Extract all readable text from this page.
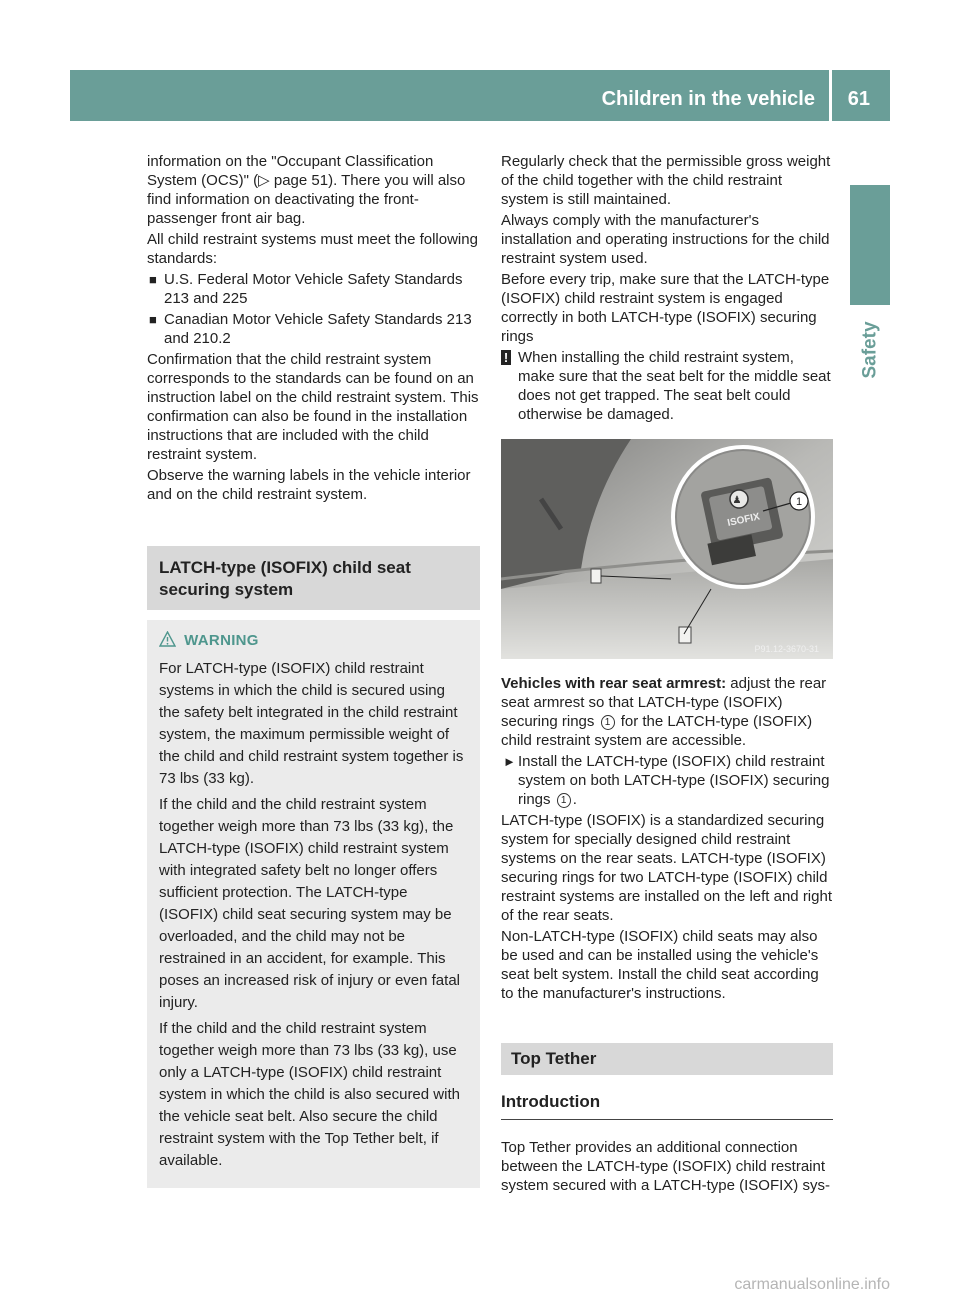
Children in the vehicle 61
Safety

information on the "Occupant Classification System (OCS)" (▷ page 51). There you will also find information on deactivating the front-passenger front air bag.

All child restraint systems must meet the following standards:

■ U.S. Federal Motor Vehicle Safety Standards 213 and 225
■ Canadian Motor Vehicle Safety Standards 213 and 210.2

Confirmation that the child restraint system corresponds to the standards can be found on an instruction label on the child restraint system. This confirmation can also be found in the installation instructions that are included with the child restraint system.

Observe the warning labels in the vehicle interior and on the child restraint system.

LATCH-type (ISOFIX) child seat securing system
WARNING

For LATCH-type (ISOFIX) child restraint systems in which the child is secured using the safety belt integrated in the child restraint system, the maximum permissible weight of the child and child restraint system together is 73 lbs (33 kg).

If the child and the child restraint system together weigh more than 73 lbs (33 kg), the LATCH-type (ISOFIX) child restraint system with integrated safety belt no longer offers sufficient protection. The LATCH-type (ISOFIX) child seat securing system may be overloaded, and the child may not be restrained in an accident, for example. This poses an increased risk of injury or even fatal injury.

If the child and the child restraint system together weigh more than 73 lbs (33 kg), use only a LATCH-type (ISOFIX) child restraint system in which the child is also secured with the vehicle seat belt. Also secure the child restraint system with the Top Tether belt, if available.

Regularly check that the permissible gross weight of the child together with the child restraint system is still maintained.

Always comply with the manufacturer's installation and operating instructions for the child restraint system used.

Before every trip, make sure that the LATCH-type (ISOFIX) child restraint system is engaged correctly in both LATCH-type (ISOFIX) securing rings

! When installing the child restraint system, make sure that the seat belt for the middle seat does not get trapped. The seat belt could otherwise be damaged.
♟
ISOFIX
1
P91.12-3670-31

Vehicles with rear seat armrest: adjust the rear seat armrest so that LATCH-type (ISOFIX) securing rings 1 for the LATCH-type (ISOFIX) child restraint system are accessible.

► Install the LATCH-type (ISOFIX) child restraint system on both LATCH-type (ISOFIX) securing rings 1 .

LATCH-type (ISOFIX) is a standardized securing system for specially designed child restraint systems on the rear seats. LATCH-type (ISOFIX) securing rings for two LATCH-type (ISOFIX) child restraint systems are installed on the left and right of the rear seats.

Non-LATCH-type (ISOFIX) child seats may also be used and can be installed using the vehicle's seat belt system. Install the child seat according to the manufacturer's instructions.

Top Tether
Introduction

Top Tether provides an additional connection between the LATCH-type (ISOFIX) child restraint system secured with a LATCH-type (ISOFIX) sys-

carmanualsonline.info
